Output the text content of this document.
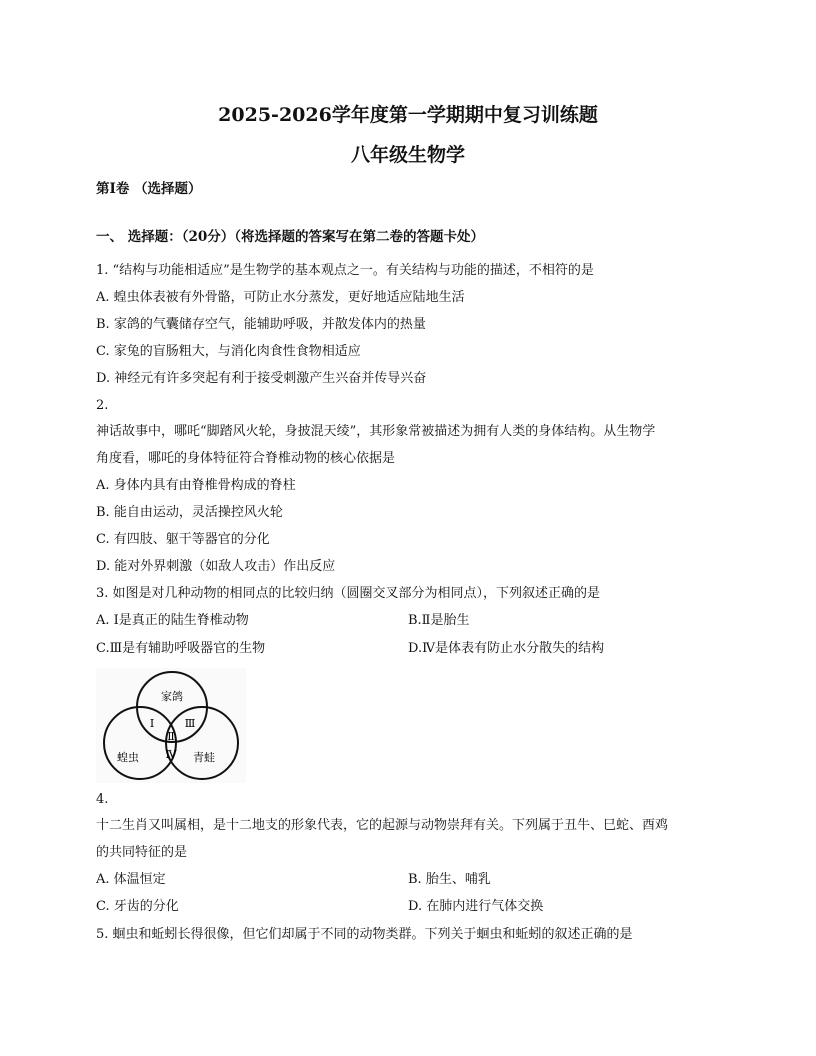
2025-2026学年度第一学期期中复习训练题
八年级生物学
第Ⅰ卷 （选择题）
一、 选择题：（20分）（将选择题的答案写在第二卷的答题卡处）
1. “结构与功能相适应”是生物学的基本观点之一。有关结构与功能的描述，不相符的是
A. 蝗虫体表被有外骨骼，可防止水分蒸发，更好地适应陆地生活
B. 家鸽的气囊储存空气，能辅助呼吸，并散发体内的热量
C. 家兔的盲肠粗大，与消化肉食性食物相适应
D. 神经元有许多突起有利于接受刺激产生兴奋并传导兴奋
2.
神话故事中，哪吒“脚踏风火轮，身披混天绫”，其形象常被描述为拥有人类的身体结构。从生物学
角度看，哪吒的身体特征符合脊椎动物的核心依据是
A. 身体内具有由脊椎骨构成的脊柱
B. 能自由运动，灵活操控风火轮
C. 有四肢、躯干等器官的分化
D. 能对外界刺激（如敌人攻击）作出反应
3. 如图是对几种动物的相同点的比较归纳（圆圈交叉部分为相同点），下列叙述正确的是
A. Ⅰ是真正的陆生脊椎动物	B.Ⅱ是胎生
C.Ⅲ是有辅助呼吸器官的生物	D.Ⅳ是体表有防止水分散失的结构
家鸽
蝗虫	青蛙
Ⅰ
Ⅱ
Ⅲ
Ⅳ
4.
十二生肖又叫属相，是十二地支的形象代表，它的起源与动物崇拜有关。下列属于丑牛、巳蛇、酉鸡
的共同特征的是
A. 体温恒定	B. 胎生、哺乳
C. 牙齿的分化	D. 在肺内进行气体交换
5. 蛔虫和蚯蚓长得很像，但它们却属于不同的动物类群。下列关于蛔虫和蚯蚓的叙述正确的是
